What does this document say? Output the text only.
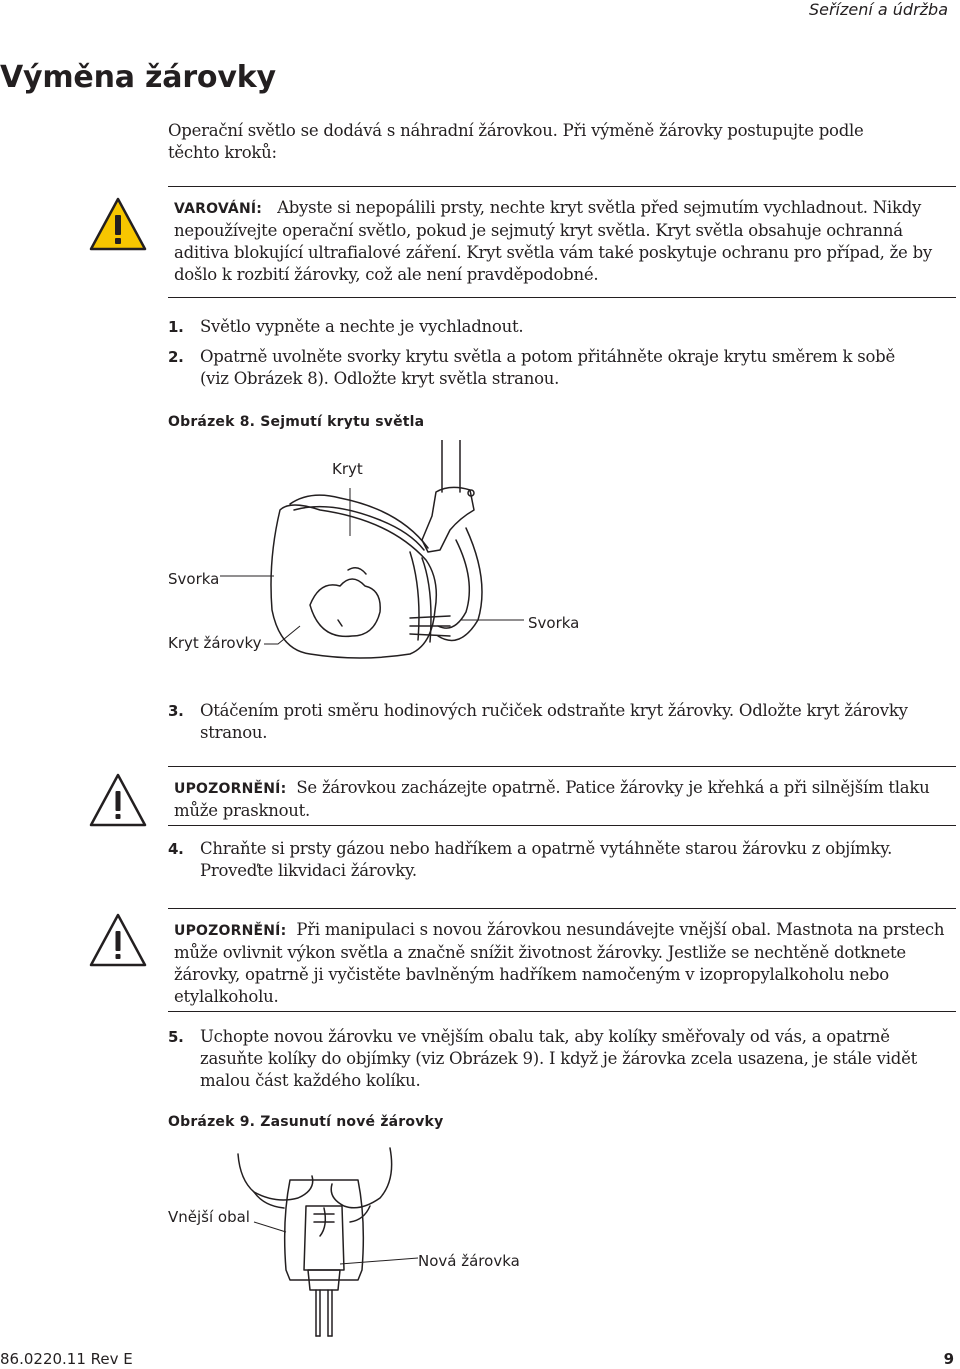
Seřízení a údržba
Výměna žárovky
Operační světlo se dodává s náhradní žárovkou. Při výměně žárovky postupujte podle těchto kroků:
VAROVÁNÍ: Abyste si nepopálili prsty, nechte kryt světla před sejmutím vychladnout. Nikdy nepoužívejte operační světlo, pokud je sejmutý kryt světla. Kryt světla obsahuje ochranná aditiva blokující ultrafialové záření. Kryt světla vám také poskytuje ochranu pro případ, že by došlo k rozbití žárovky, což ale není pravděpodobné.
1. Světlo vypněte a nechte je vychladnout.
2. Opatrně uvolněte svorky krytu světla a potom přitáhněte okraje krytu směrem k sobě (viz Obrázek 8). Odložte kryt světla stranou.
Obrázek 8. Sejmutí krytu světla
Kryt
Svorka
Kryt žárovky
Svorka
3. Otáčením proti směru hodinových ručiček odstraňte kryt žárovky. Odložte kryt žárovky stranou.
UPOZORNĚNÍ: Se žárovkou zacházejte opatrně. Patice žárovky je křehká a při silnějším tlaku může prasknout.
4. Chraňte si prsty gázou nebo hadříkem a opatrně vytáhněte starou žárovku z objímky. Proveďte likvidaci žárovky.
UPOZORNĚNÍ: Při manipulaci s novou žárovkou nesundávejte vnější obal. Mastnota na prstech může ovlivnit výkon světla a značně snížit životnost žárovky. Jestliže se nechtěně dotknete žárovky, opatrně ji vyčistěte bavlněným hadříkem namočeným v izopropylalkoholu nebo etylalkoholu.
5. Uchopte novou žárovku ve vnějším obalu tak, aby kolíky směřovaly od vás, a opatrně zasuňte kolíky do objímky (viz Obrázek 9). I když je žárovka zcela usazena, je stále vidět malou část každého kolíku.
Obrázek 9. Zasunutí nové žárovky
Vnější obal
Nová žárovka
86.0220.11 Rev E	9
